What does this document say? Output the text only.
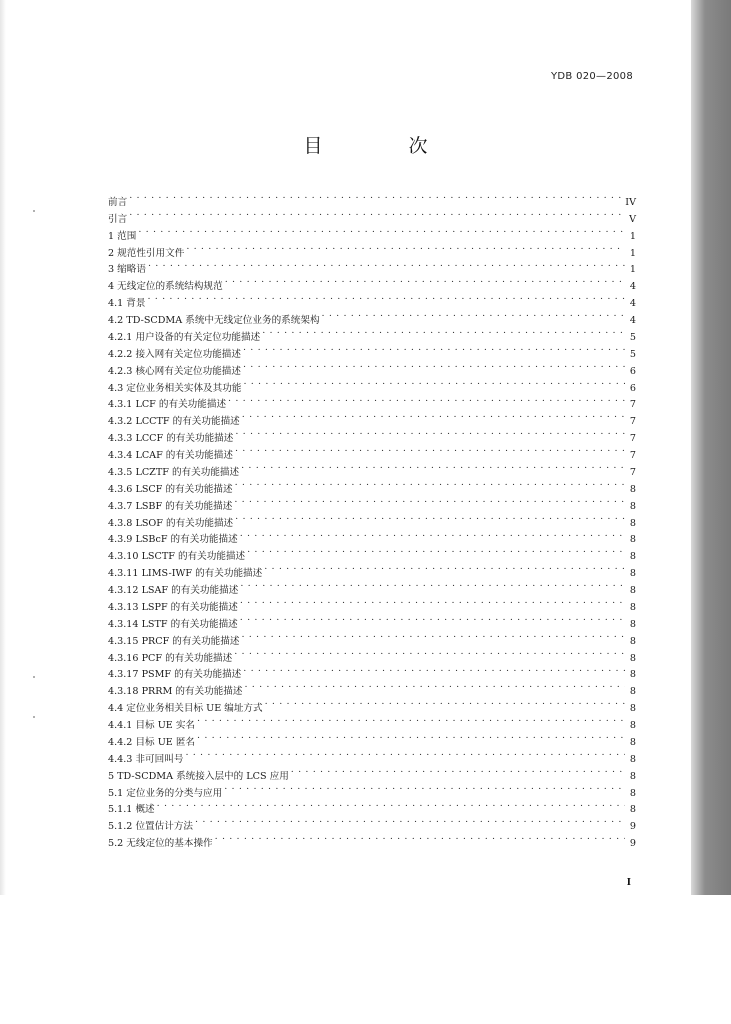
YDB 020—2008
目 次
前言 . . .	IV
引言 . . .	V
1 范围 . . .	1
2 规范性引用文件 . . .	1
3 缩略语 . . .	1
4 无线定位的系统结构规范 . . .	4
4.1 背景 . . .	4
4.2 TD-SCDMA 系统中无线定位业务的系统架构 . . .	4
4.2.1 用户设备的有关定位功能描述 . . .	5
4.2.2 接入网有关定位功能描述 . . .	5
4.2.3 核心网有关定位功能描述 . . .	6
4.3 定位业务相关实体及其功能 . . .	6
4.3.1 LCF 的有关功能描述 . . .	7
4.3.2 LCCTF 的有关功能描述 . . .	7
4.3.3 LCCF 的有关功能描述 . . .	7
4.3.4 LCAF 的有关功能描述 . . .	7
4.3.5 LCZTF 的有关功能描述 . . .	7
4.3.6 LSCF 的有关功能描述 . . .	8
4.3.7 LSBF 的有关功能描述 . . .	8
4.3.8 LSOF 的有关功能描述 . . .	8
4.3.9 LSBcF 的有关功能描述 . . .	8
4.3.10 LSCTF 的有关功能描述 . . .	8
4.3.11 LIMS-IWF 的有关功能描述 . . .	8
4.3.12 LSAF 的有关功能描述 . . .	8
4.3.13 LSPF 的有关功能描述 . . .	8
4.3.14 LSTF 的有关功能描述 . . .	8
4.3.15 PRCF 的有关功能描述 . . .	8
4.3.16 PCF 的有关功能描述 . . .	8
4.3.17 PSMF 的有关功能描述 . . .	8
4.3.18 PRRM 的有关功能描述 . . .	8
4.4 定位业务相关目标 UE 编址方式 . . .	8
4.4.1 目标 UE 实名 . . .	8
4.4.2 目标 UE 匿名 . . .	8
4.4.3 非可回叫号 . . .	8
5 TD-SCDMA 系统接入层中的 LCS 应用 . . .	8
5.1 定位业务的分类与应用 . . .	8
5.1.1 概述 . . .	8
5.1.2 位置估计方法 . . .	9
5.2 无线定位的基本操作 . . .	9
I
